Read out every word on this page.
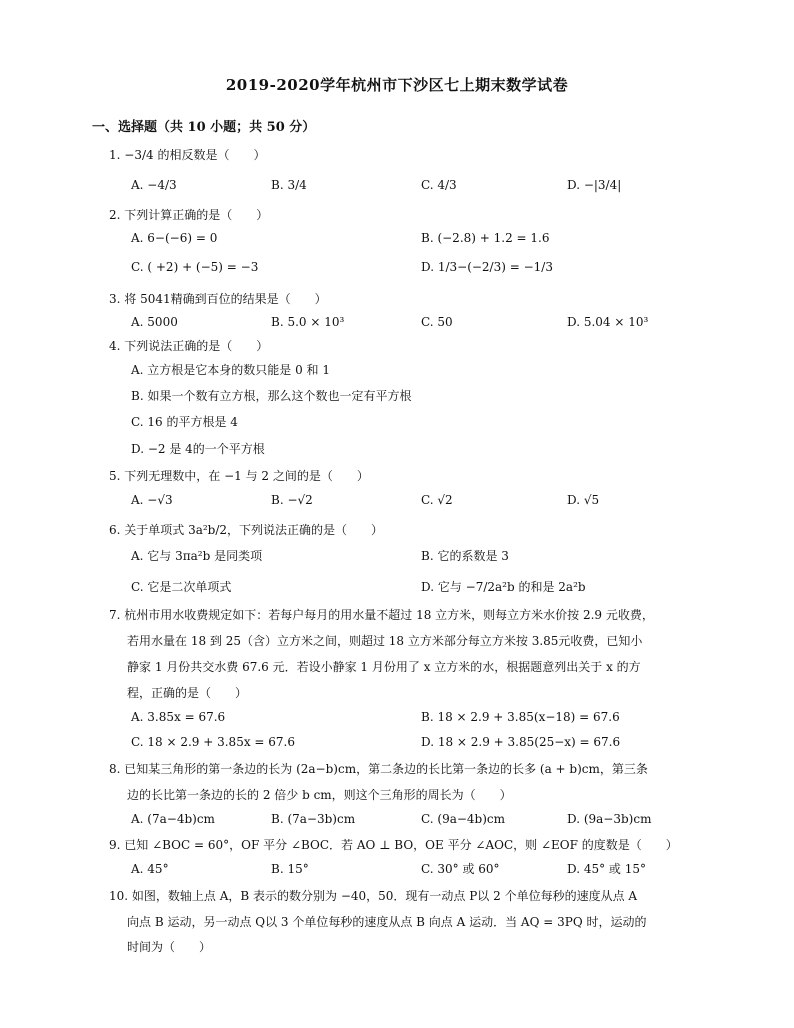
2019-2020学年杭州市下沙区七上期末数学试卷
一、选择题（共 10 小题；共 50 分）
1. −3/4 的相反数是（　　）
A. −4/3	B. 3/4	C. 4/3	D. −|3/4|
2. 下列计算正确的是（　　）
A. 6−(−6) = 0	B. (−2.8) + 1.2 = 1.6
C. ( +2) + (−5) = −3	D. 1/3−(−2/3) = −1/3
3. 将 5041精确到百位的结果是（　　）
A. 5000	B. 5.0 × 10³	C. 50	D. 5.04 × 10³
4. 下列说法正确的是（　　）
A. 立方根是它本身的数只能是 0 和 1
B. 如果一个数有立方根，那么这个数也一定有平方根
C. 16 的平方根是 4
D. −2 是 4的一个平方根
5. 下列无理数中，在 −1 与 2 之间的是（　　）
A. −√3	B. −√2	C. √2	D. √5
6. 关于单项式 3a²b/2，下列说法正确的是（　　）
A. 它与 3πa²b 是同类项	B. 它的系数是 3
C. 它是二次单项式	D. 它与 −7/2a²b 的和是 2a²b
7. 杭州市用水收费规定如下：若每户每月的用水量不超过 18 立方米，则每立方米水价按 2.9 元收费，
若用水量在 18 到 25（含）立方米之间，则超过 18 立方米部分每立方米按 3.85元收费，已知小
静家 1 月份共交水费 67.6 元．若设小静家 1 月份用了 x 立方米的水，根据题意列出关于 x 的方
程，正确的是（　　）
A. 3.85x = 67.6	B. 18 × 2.9 + 3.85(x−18) = 67.6
C. 18 × 2.9 + 3.85x = 67.6	D. 18 × 2.9 + 3.85(25−x) = 67.6
8. 已知某三角形的第一条边的长为 (2a−b)cm，第二条边的长比第一条边的长多 (a + b)cm，第三条
边的长比第一条边的长的 2 倍少 b cm，则这个三角形的周长为（　　）
A. (7a−4b)cm	B. (7a−3b)cm	C. (9a−4b)cm	D. (9a−3b)cm
9. 已知 ∠BOC = 60°，OF 平分 ∠BOC．若 AO ⊥ BO，OE 平分 ∠AOC，则 ∠EOF 的度数是（　　）
A. 45°	B. 15°	C. 30° 或 60°	D. 45° 或 15°
10. 如图，数轴上点 A，B 表示的数分别为 −40，50．现有一动点 P以 2 个单位每秒的速度从点 A
向点 B 运动，另一动点 Q以 3 个单位每秒的速度从点 B 向点 A 运动．当 AQ = 3PQ 时，运动的
时间为（　　）
